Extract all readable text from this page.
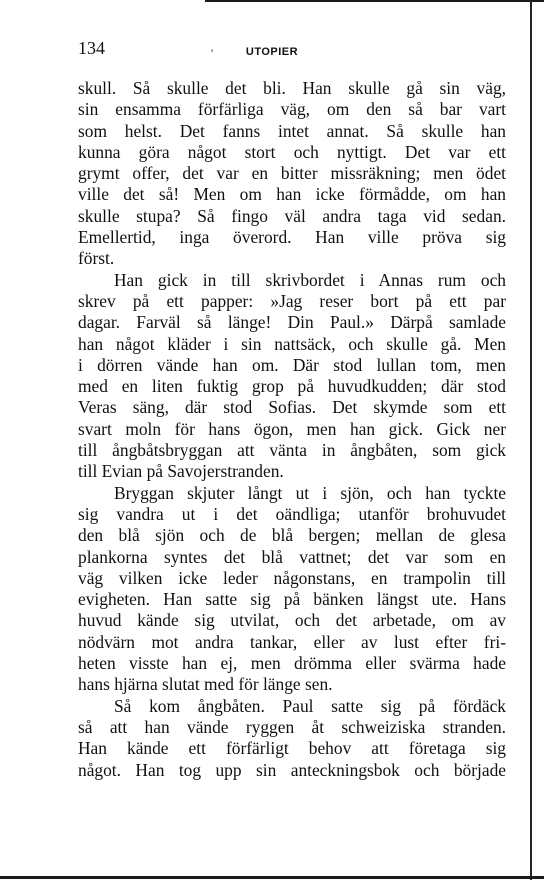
134	'	UTOPIER
skull. Så skulle det bli. Han skulle gå sin väg,
sin ensamma förfärliga väg, om den så bar vart
som helst. Det fanns intet annat. Så skulle han
kunna göra något stort och nyttigt. Det var ett
grymt offer, det var en bitter missräkning; men ödet
ville det så! Men om han icke förmådde, om han
skulle stupa? Så fingo väl andra taga vid sedan.
Emellertid, inga överord. Han ville pröva sig
först.
Han gick in till skrivbordet i Annas rum och
skrev på ett papper: »Jag reser bort på ett par
dagar. Farväl så länge! Din Paul.» Därpå samlade
han något kläder i sin nattsäck, och skulle gå. Men
i dörren vände han om. Där stod lullan tom, men
med en liten fuktig grop på huvudkudden; där stod
Veras säng, där stod Sofias. Det skymde som ett
svart moln för hans ögon, men han gick. Gick ner
till ångbåtsbryggan att vänta in ångbåten, som gick
till Evian på Savojerstranden.
Bryggan skjuter långt ut i sjön, och han tyckte
sig vandra ut i det oändliga; utanför brohuvudet
den blå sjön och de blå bergen; mellan de glesa
plankorna syntes det blå vattnet; det var som en
väg vilken icke leder någonstans, en trampolin till
evigheten. Han satte sig på bänken längst ute. Hans
huvud kände sig utvilat, och det arbetade, om av
nödvärn mot andra tankar, eller av lust efter fri-
heten visste han ej, men drömma eller svärma hade
hans hjärna slutat med för länge sen.
Så kom ångbåten. Paul satte sig på fördäck
så att han vände ryggen åt schweiziska stranden.
Han kände ett förfärligt behov att företaga sig
något. Han tog upp sin anteckningsbok och började
